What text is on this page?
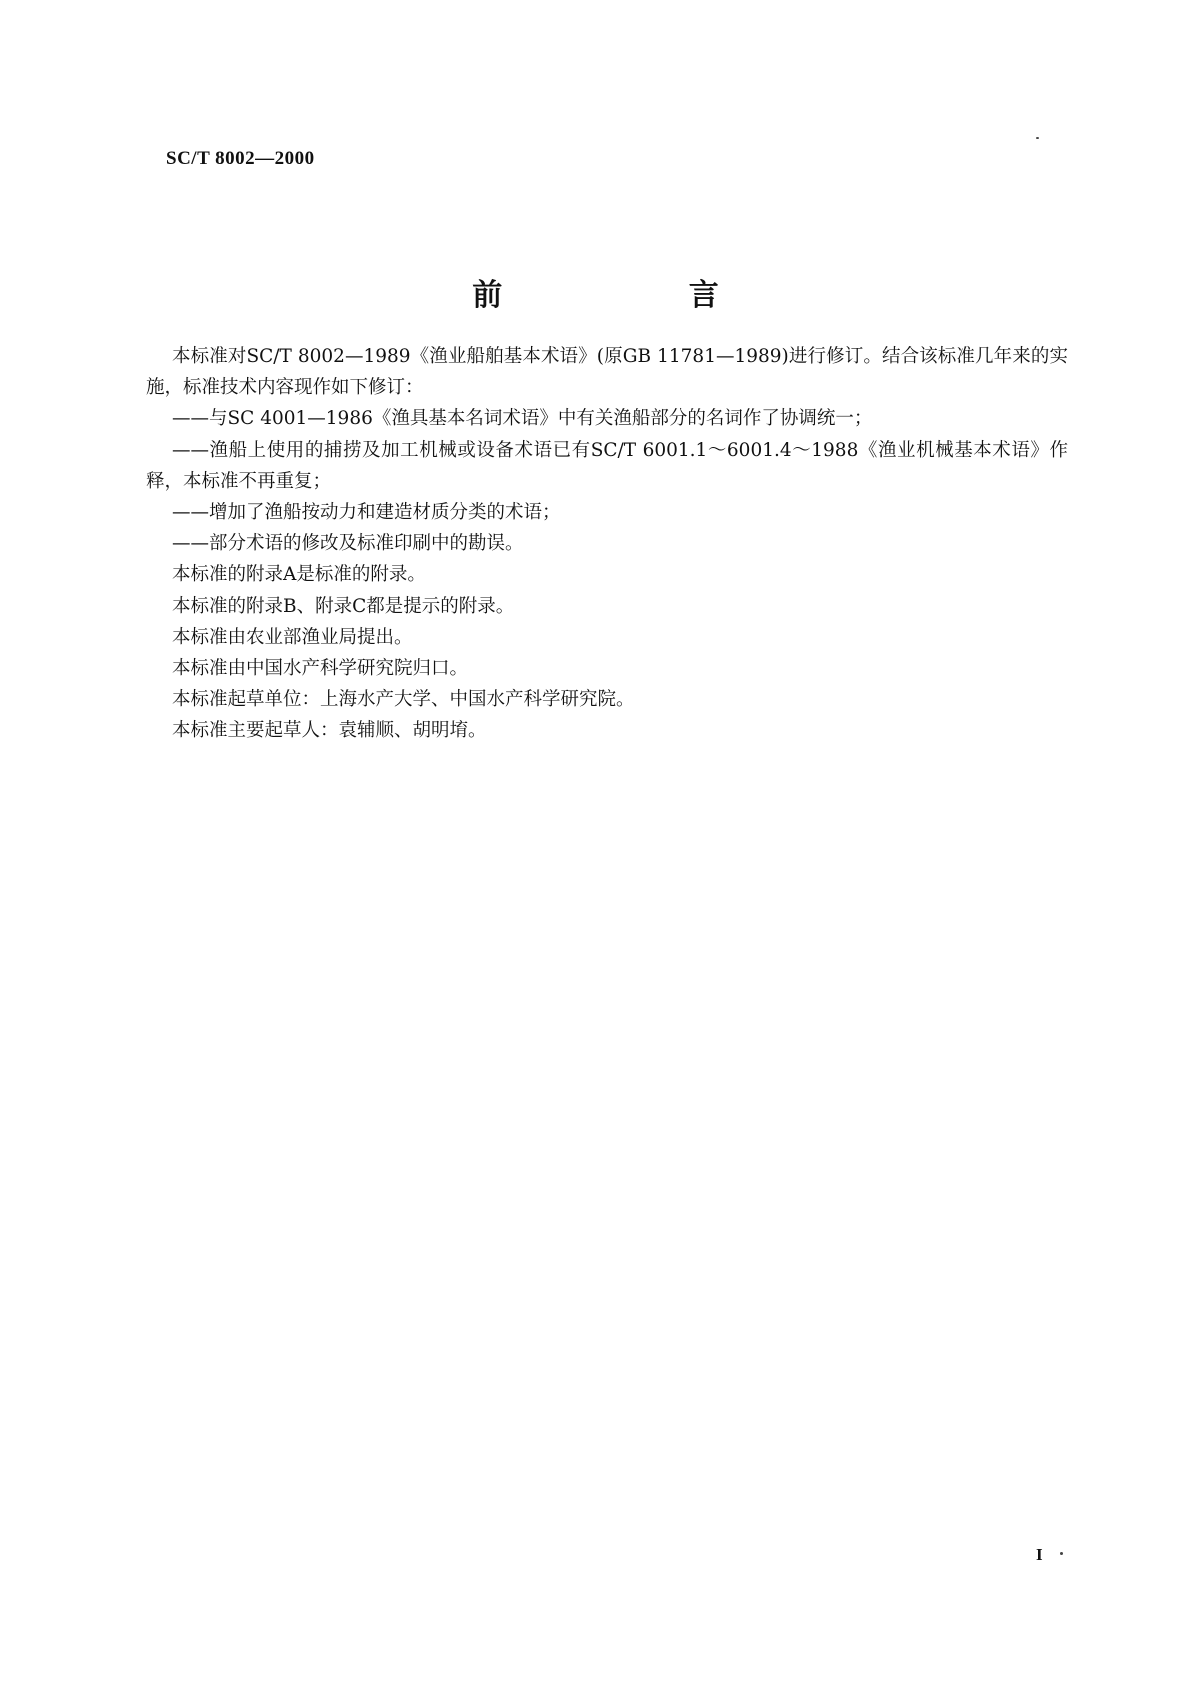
SC/T 8002—2000
前 言

本标准对SC/T 8002—1989《渔业船舶基本术语》(原GB 11781—1989)进行修订。结合该标准几年来的实施，标准技术内容现作如下修订：

——与SC 4001—1986《渔具基本名词术语》中有关渔船部分的名词作了协调统一；

——渔船上使用的捕捞及加工机械或设备术语已有SC/T 6001.1～6001.4～1988《渔业机械基本术语》作释，本标准不再重复；

——增加了渔船按动力和建造材质分类的术语；

——部分术语的修改及标准印刷中的勘误。

本标准的附录A是标准的附录。

本标准的附录B、附录C都是提示的附录。

本标准由农业部渔业局提出。

本标准由中国水产科学研究院归口。

本标准起草单位：上海水产大学、中国水产科学研究院。

本标准主要起草人：袁辅顺、胡明堉。

I
